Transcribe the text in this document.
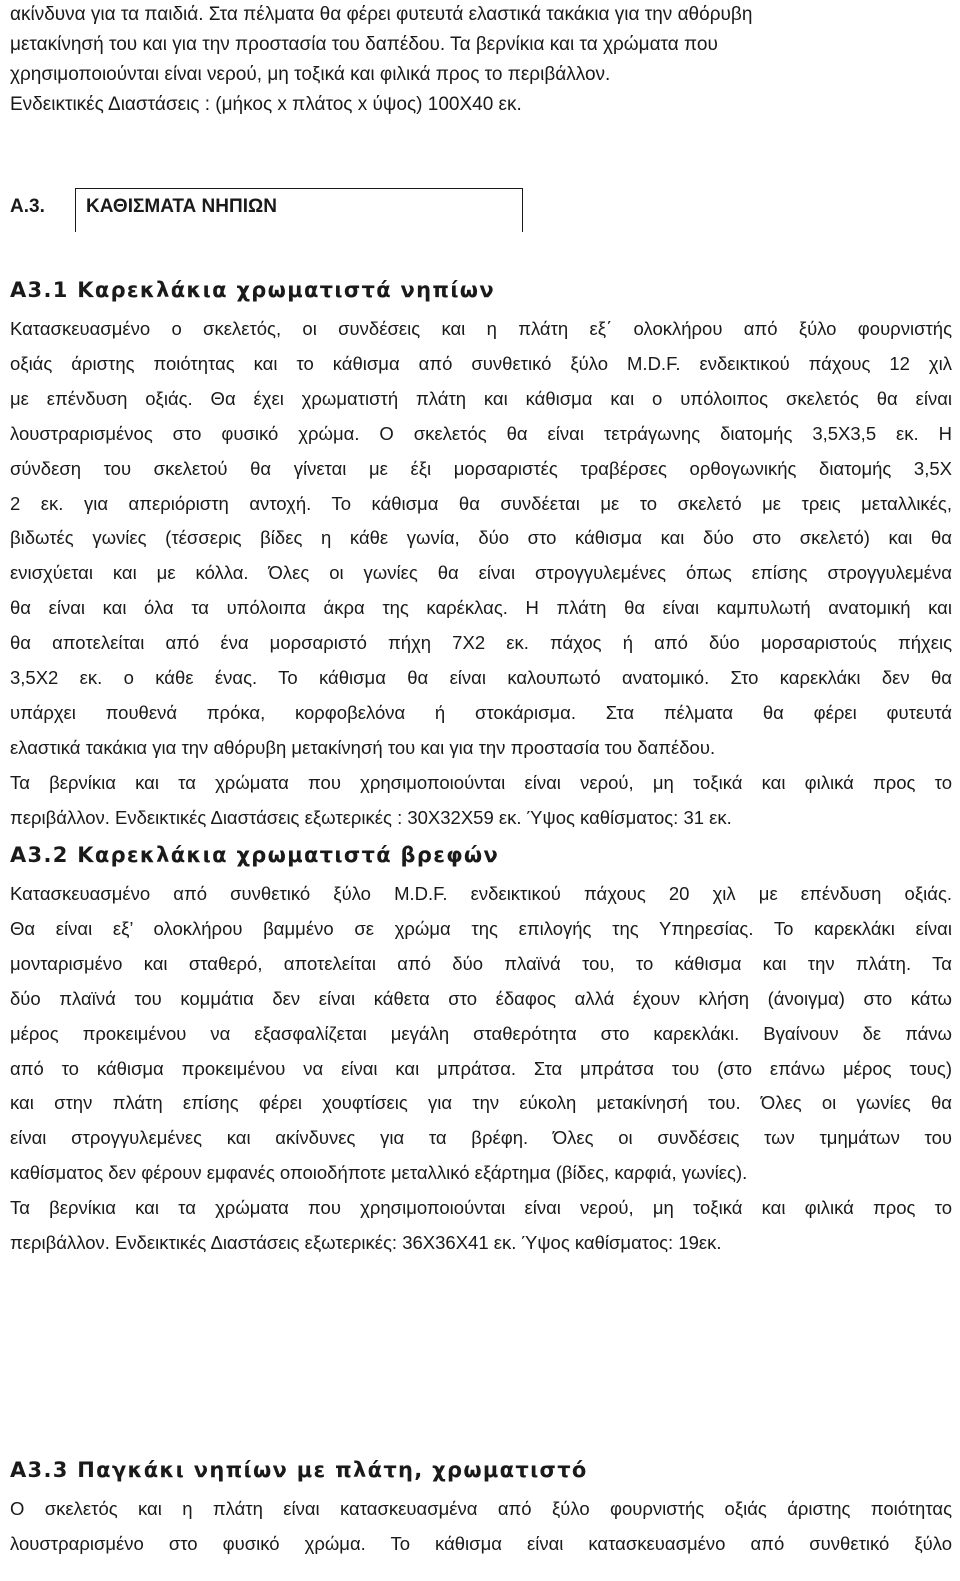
ακίνδυνα για τα παιδιά. Στα πέλματα θα φέρει φυτευτά ελαστικά τακάκια για την αθόρυβη
μετακίνησή του και για την προστασία του δαπέδου. Τα βερνίκια και τα χρώματα που
χρησιμοποιούνται είναι νερού, μη τοξικά και φιλικά προς το περιβάλλον.
Ενδεικτικές Διαστάσεις : (μήκος x πλάτος x ύψος) 100Χ40 εκ.
Α.3. ΚΑΘΙΣΜΑΤΑ ΝΗΠΙΩΝ
Α3.1 Καρεκλάκια χρωματιστά νηπίων
Κατασκευασμένο ο σκελετός, οι συνδέσεις και η πλάτη εξ΄ ολοκλήρου από ξύλο φουρνιστής
οξιάς άριστης ποιότητας και το κάθισμα από συνθετικό ξύλο M.D.F. ενδεικτικού πάχους 12 χιλ
με επένδυση οξιάς. Θα έχει χρωματιστή πλάτη και κάθισμα και ο υπόλοιπος σκελετός θα είναι
λουστραρισμένος στο φυσικό χρώμα. Ο σκελετός θα είναι τετράγωνης διατομής 3,5Χ3,5 εκ. Η
σύνδεση του σκελετού θα γίνεται με έξι μορσαριστές τραβέρσες ορθογωνικής διατομής 3,5Χ
2 εκ. για απεριόριστη αντοχή. Το κάθισμα θα συνδέεται με το σκελετό με τρεις μεταλλικές,
βιδωτές γωνίες (τέσσερις βίδες η κάθε γωνία, δύο στο κάθισμα και δύο στο σκελετό) και θα
ενισχύεται και με κόλλα. Όλες οι γωνίες θα είναι στρογγυλεμένες όπως επίσης στρογγυλεμένα
θα είναι και όλα τα υπόλοιπα άκρα της καρέκλας. Η πλάτη θα είναι καμπυλωτή ανατομική και
θα αποτελείται από ένα μορσαριστό πήχη 7Χ2 εκ. πάχος ή από δύο μορσαριστούς πήχεις
3,5Χ2 εκ. ο κάθε ένας. Το κάθισμα θα είναι καλουπωτό ανατομικό. Στο καρεκλάκι δεν θα
υπάρχει πουθενά πρόκα, κορφοβελόνα ή στοκάρισμα. Στα πέλματα θα φέρει φυτευτά
ελαστικά τακάκια για την αθόρυβη μετακίνησή του και για την προστασία του δαπέδου.
Τα βερνίκια και τα χρώματα που χρησιμοποιούνται είναι νερού, μη τοξικά και φιλικά προς το
περιβάλλον. Ενδεικτικές Διαστάσεις εξωτερικές : 30Χ32Χ59 εκ. Ύψος καθίσματος: 31 εκ.
Α3.2 Καρεκλάκια χρωματιστά βρεφών
Κατασκευασμένο από συνθετικό ξύλο M.D.F. ενδεικτικού πάχους 20 χιλ με επένδυση οξιάς.
Θα είναι εξ’ ολοκλήρου βαμμένο σε χρώμα της επιλογής της Υπηρεσίας. Το καρεκλάκι είναι
μονταρισμένο και σταθερό, αποτελείται από δύο πλαϊνά του, το κάθισμα και την πλάτη. Τα
δύο πλαϊνά του κομμάτια δεν είναι κάθετα στο έδαφος αλλά έχουν κλήση (άνοιγμα) στο κάτω
μέρος προκειμένου να εξασφαλίζεται μεγάλη σταθερότητα στο καρεκλάκι. Βγαίνουν δε πάνω
από το κάθισμα προκειμένου να είναι και μπράτσα. Στα μπράτσα του (στο επάνω μέρος τους)
και στην πλάτη επίσης φέρει χουφτίσεις για την εύκολη μετακίνησή του. Όλες οι γωνίες θα
είναι στρογγυλεμένες και ακίνδυνες για τα βρέφη. Όλες οι συνδέσεις των τμημάτων του
καθίσματος δεν φέρουν εμφανές οποιοδήποτε μεταλλικό εξάρτημα (βίδες, καρφιά, γωνίες).
Τα βερνίκια και τα χρώματα που χρησιμοποιούνται είναι νερού, μη τοξικά και φιλικά προς το
περιβάλλον. Ενδεικτικές Διαστάσεις εξωτερικές: 36Χ36Χ41 εκ. Ύψος καθίσματος: 19εκ.
Α3.3 Παγκάκι νηπίων με πλάτη, χρωματιστό
Ο σκελετός και η πλάτη είναι κατασκευασμένα από ξύλο φουρνιστής οξιάς άριστης ποιότητας
λουστραρισμένο στο φυσικό χρώμα. Το κάθισμα είναι κατασκευασμένο από συνθετικό ξύλο
